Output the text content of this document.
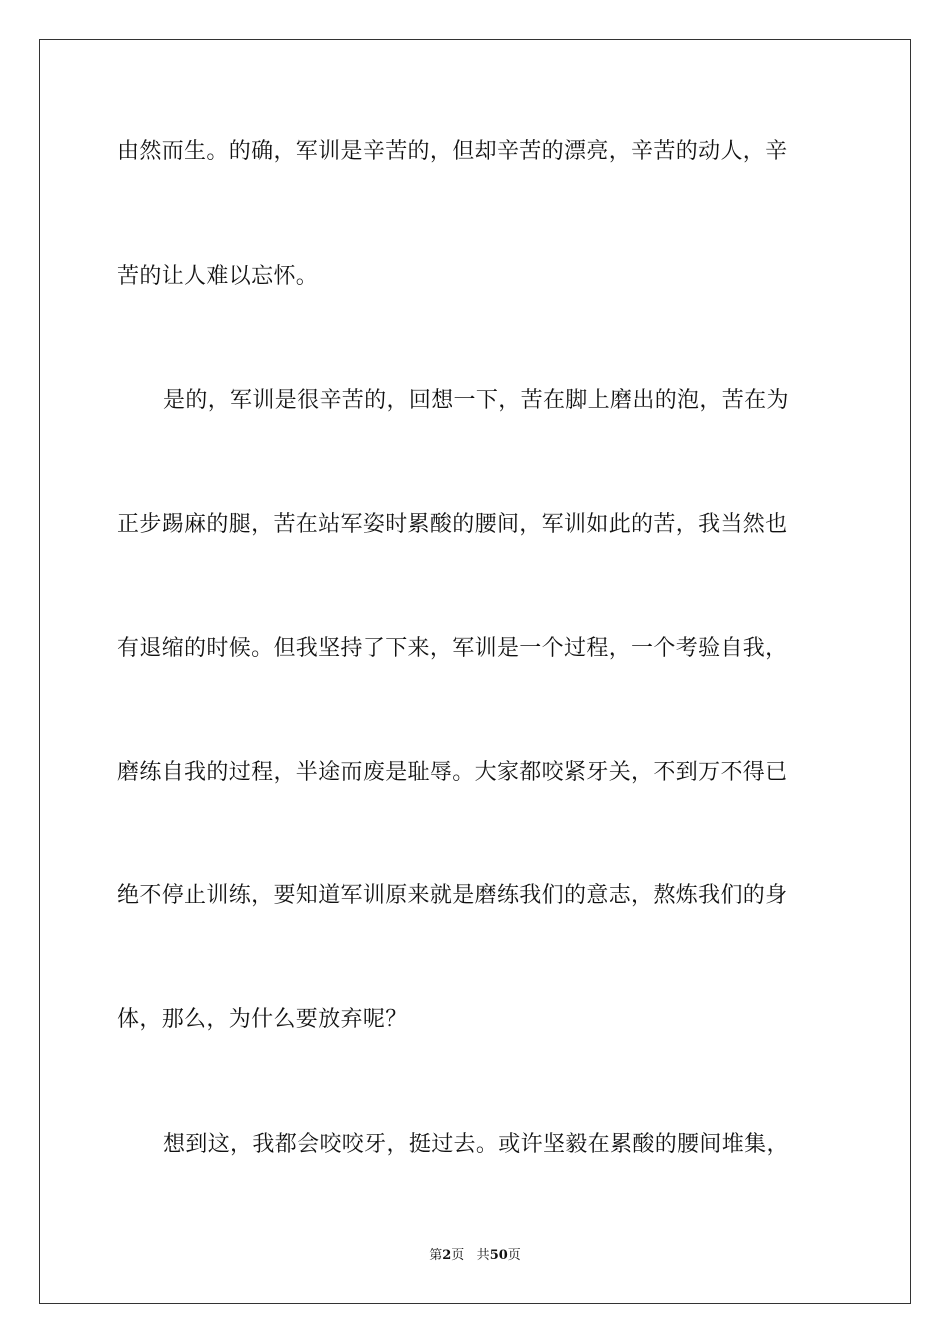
由然而生。的确，军训是辛苦的，但却辛苦的漂亮，辛苦的动人，辛
苦的让人难以忘怀。
是的，军训是很辛苦的，回想一下，苦在脚上磨出的泡，苦在为
正步踢麻的腿，苦在站军姿时累酸的腰间，军训如此的苦，我当然也
有退缩的时候。但我坚持了下来，军训是一个过程，一个考验自我，
磨练自我的过程，半途而废是耻辱。大家都咬紧牙关，不到万不得已
绝不停止训练，要知道军训原来就是磨练我们的意志，熬炼我们的身
体，那么，为什么要放弃呢？
想到这，我都会咬咬牙，挺过去。或许坚毅在累酸的腰间堆集，
第2页 共50页
